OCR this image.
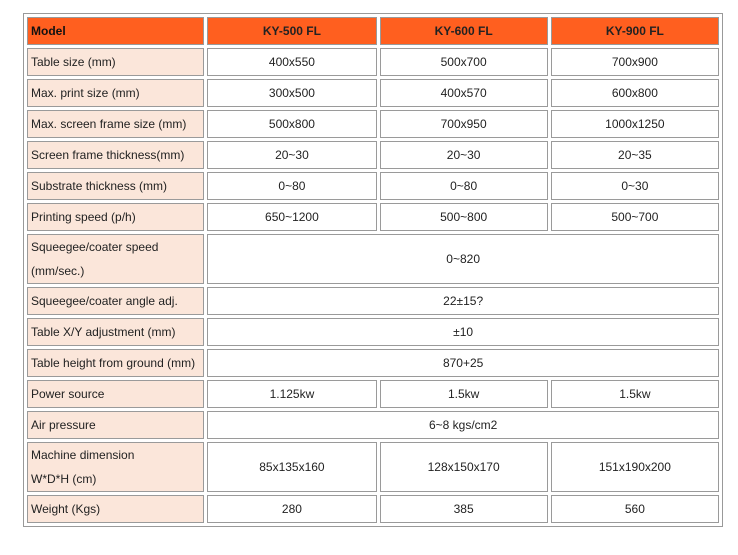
Model	KY-500 FL	KY-600 FL	KY-900 FL
Table size (mm)	400x550	500x700	700x900
Max. print size (mm)	300x500	400x570	600x800
Max. screen frame size (mm)	500x800	700x950	1000x1250
Screen frame thickness(mm)	20~30	20~30	20~35
Substrate thickness (mm)	0~80	0~80	0~30
Printing speed (p/h)	650~1200	500~800	500~700
Squeegee/coater speed
(mm/sec.)	0~820		
Squeegee/coater angle adj.	22±15?		
Table X/Y adjustment (mm)	±10		
Table height from ground (mm)	870+25		
Power source	1.125kw	1.5kw	1.5kw
Air pressure	6~8 kgs/cm2		
Machine dimension
W*D*H (cm)	85x135x160	128x150x170	151x190x200
Weight (Kgs)	280	385	560
